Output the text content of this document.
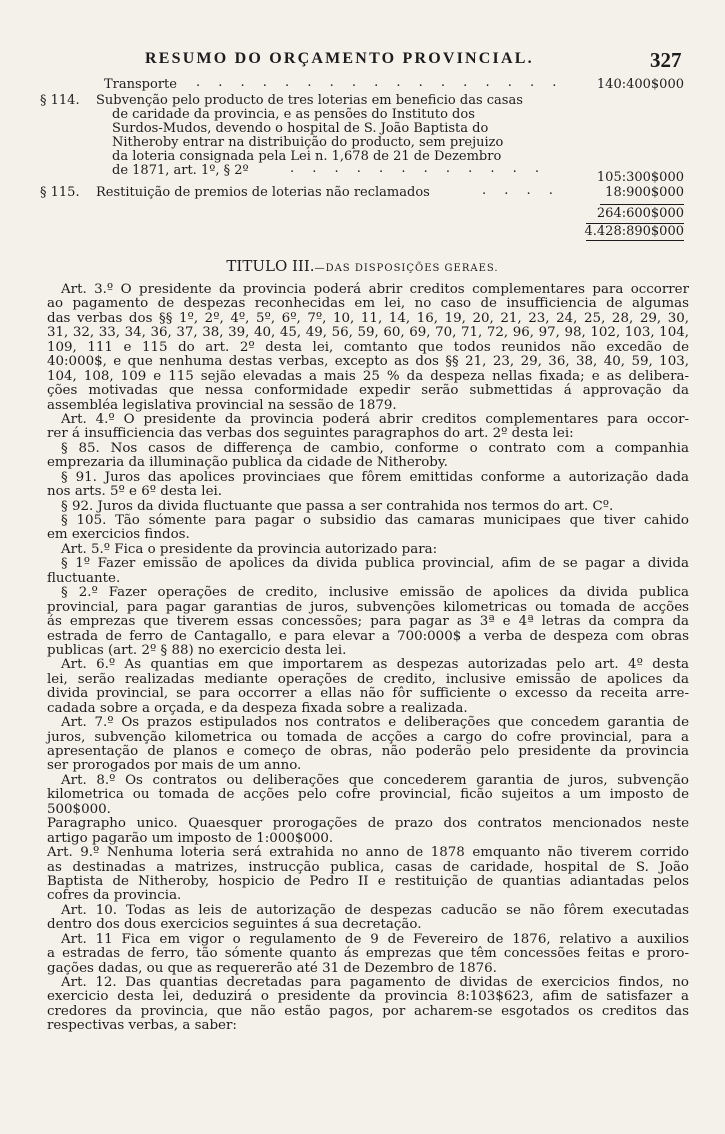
RESUMO DO ORÇAMENTO PROVINCIAL.	327
Transporte . . . . . . . . . . . . . . . . .	140:400$000
§ 114. Subvenção pelo producto de tres loterias em beneficio das casas
de caridade da provincia, e as pensões do Instituto dos
Surdos-Mudos, devendo o hospital de S. João Baptista do
Nitheroby entrar na distribuição do producto, sem prejuizo
da loteria consignada pela Lei n. 1,678 de 21 de Dezembro
de 1871, art. 1º, § 2º	. . . . . . . . . . . .
105:300$000
§ 115. Restituição de premios de loterias não reclamados	. . . .	18:900$000
264:600$000
4.428:890$000
TITULO III.—DAS DISPOSIÇÕES GERAES.
Art. 3.º O presidente da provincia poderá abrir creditos complementares para occorrer
ao pagamento de despezas reconhecidas em lei, no caso de insufficiencia de algumas
das verbas dos §§ 1º, 2º, 4º, 5º, 6º, 7º, 10, 11, 14, 16, 19, 20, 21, 23, 24, 25, 28, 29, 30,
31, 32, 33, 34, 36, 37, 38, 39, 40, 45, 49, 56, 59, 60, 69, 70, 71, 72, 96, 97, 98, 102, 103, 104,
109, 111 e 115 do art. 2º desta lei, comtanto que todos reunidos não excedão de
40:000$, e que nenhuma destas verbas, excepto as dos §§ 21, 23, 29, 36, 38, 40, 59, 103,
104, 108, 109 e 115 sejão elevadas a mais 25 % da despeza nellas fixada; e as delibera-
ções motivadas que nessa conformidade expedir serão submettidas á approvação da
assembléa legislativa provincial na sessão de 1879.
Art. 4.º O presidente da provincia poderá abrir creditos complementares para occor-
rer á insufficiencia das verbas dos seguintes paragraphos do art. 2º desta lei:
§ 85. Nos casos de differença de cambio, conforme o contrato com a companhia
emprezaria da illuminação publica da cidade de Nitheroby.
§ 91. Juros das apolices provinciaes que fôrem emittidas conforme a autorização dada
nos arts. 5º e 6º desta lei.
§ 92. Juros da divida fluctuante que passa a ser contrahida nos termos do art. Cº.
§ 105. Tão sómente para pagar o subsidio das camaras municipaes que tiver cahido
em exercicios findos.
Art. 5.º Fica o presidente da provincia autorizado para:
§ 1º Fazer emissão de apolices da divida publica provincial, afim de se pagar a divida
fluctuante.
§ 2.º Fazer operações de credito, inclusive emissão de apolices da divida publica
provincial, para pagar garantias de juros, subvenções kilometricas ou tomada de acções
ás emprezas que tiverem essas concessões; para pagar as 3ª e 4ª letras da compra da
estrada de ferro de Cantagallo, e para elevar a 700:000$ a verba de despeza com obras
publicas (art. 2º § 88) no exercicio desta lei.
Art. 6.º As quantias em que importarem as despezas autorizadas pelo art. 4º desta
lei, serão realizadas mediante operações de credito, inclusive emissão de apolices da
divida provincial, se para occorrer a ellas não fôr sufficiente o excesso da receita arre-
cadada sobre a orçada, e da despeza fixada sobre a realizada.
Art. 7.º Os prazos estipulados nos contratos e deliberações que concedem garantia de
juros, subvenção kilometrica ou tomada de acções a cargo do cofre provincial, para a
apresentação de planos e começo de obras, não poderão pelo presidente da provincia
ser prorogados por mais de um anno.
Art. 8.º Os contratos ou deliberações que concederem garantia de juros, subvenção
kilometrica ou tomada de acções pelo cofre provincial, ficão sujeitos a um imposto de
500$000.
Paragrapho unico. Quaesquer prorogações de prazo dos contratos mencionados neste
artigo pagarão um imposto de 1:000$000.
Art. 9.º Nenhuma loteria será extrahida no anno de 1878 emquanto não tiverem corrido
as destinadas a matrizes, instrucção publica, casas de caridade, hospital de S. João
Baptista de Nitheroby, hospicio de Pedro II e restituição de quantias adiantadas pelos
cofres da provincia.
Art. 10. Todas as leis de autorização de despezas caducão se não fôrem executadas
dentro dos dous exercicios seguintes á sua decretação.
Art. 11 Fica em vigor o regulamento de 9 de Fevereiro de 1876, relativo a auxilios
a estradas de ferro, tão sómente quanto ás emprezas que têm concessões feitas e proro-
gações dadas, ou que as requererão até 31 de Dezembro de 1876.
Art. 12. Das quantias decretadas para pagamento de dividas de exercicios findos, no
exercicio desta lei, deduzirá o presidente da provincia 8:103$623, afim de satisfazer a
credores da provincia, que não estão pagos, por acharem-se esgotados os creditos das
respectivas verbas, a saber:
